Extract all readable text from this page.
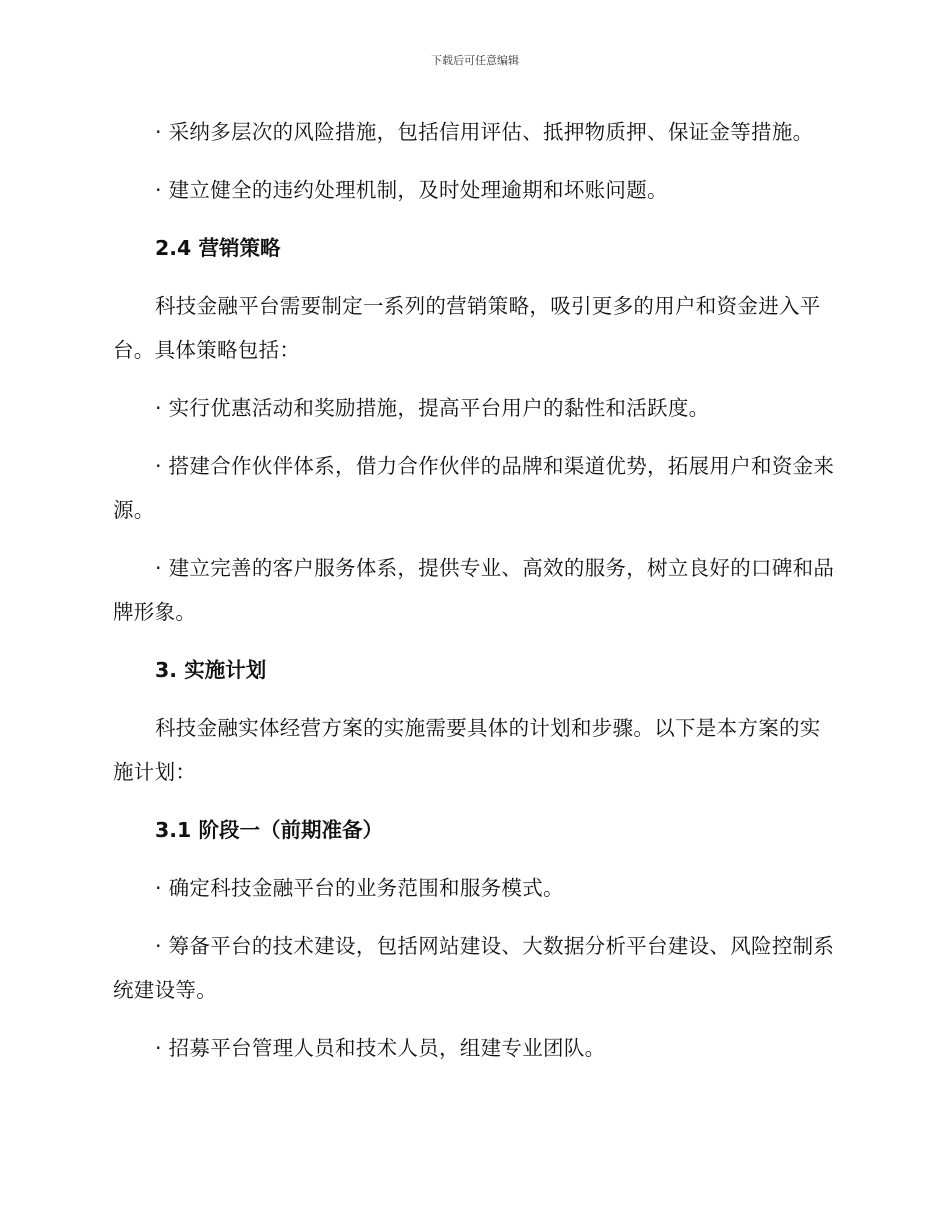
下载后可任意编辑

· 采纳多层次的风险措施，包括信用评估、抵押物质押、保证金等措施。

· 建立健全的违约处理机制，及时处理逾期和坏账问题。

2.4 营销策略

科技金融平台需要制定一系列的营销策略，吸引更多的用户和资金进入平台。具体策略包括：

· 实行优惠活动和奖励措施，提高平台用户的黏性和活跃度。

· 搭建合作伙伴体系，借力合作伙伴的品牌和渠道优势，拓展用户和资金来源。

· 建立完善的客户服务体系，提供专业、高效的服务，树立良好的口碑和品牌形象。

3. 实施计划

科技金融实体经营方案的实施需要具体的计划和步骤。以下是本方案的实施计划：

3.1 阶段一（前期准备）

· 确定科技金融平台的业务范围和服务模式。

· 筹备平台的技术建设，包括网站建设、大数据分析平台建设、风险控制系统建设等。

· 招募平台管理人员和技术人员，组建专业团队。
